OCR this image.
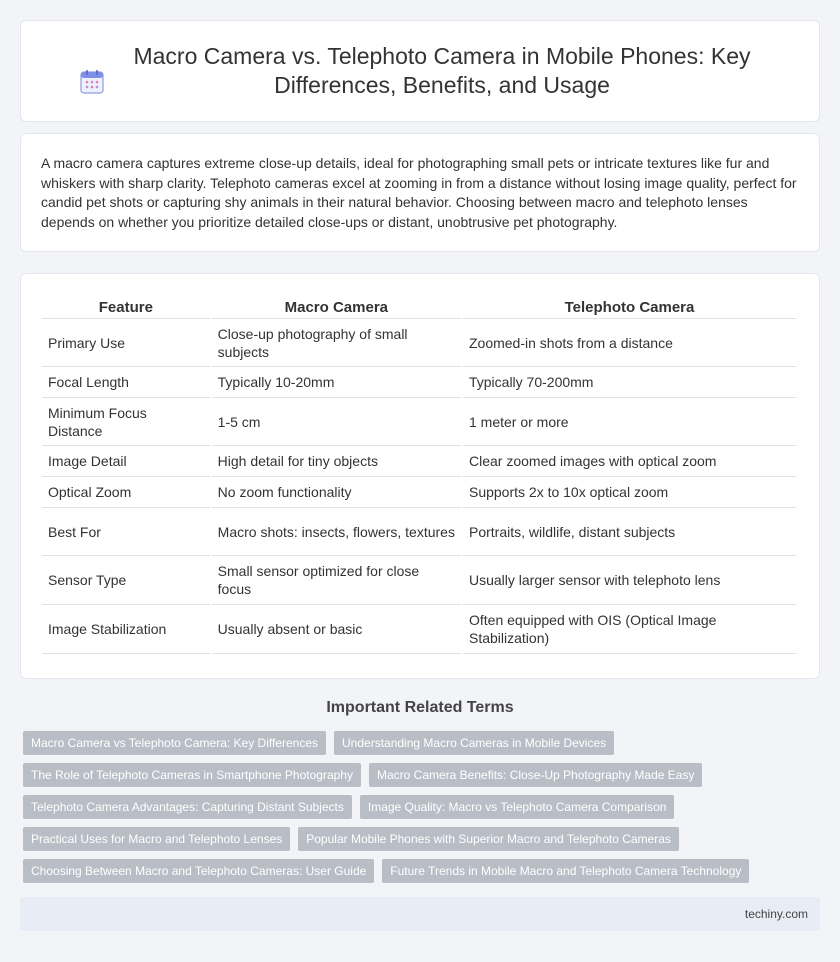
Macro Camera vs. Telephoto Camera in Mobile Phones: Key Differences, Benefits, and Usage

A macro camera captures extreme close-up details, ideal for photographing small pets or intricate textures like fur and whiskers with sharp clarity. Telephoto cameras excel at zooming in from a distance without losing image quality, perfect for candid pet shots or capturing shy animals in their natural behavior. Choosing between macro and telephoto lenses depends on whether you prioritize detailed close-ups or distant, unobtrusive pet photography.

Feature	Macro Camera	Telephoto Camera
Primary Use	Close-up photography of small subjects	Zoomed-in shots from a distance
Focal Length	Typically 10-20mm	Typically 70-200mm
Minimum Focus Distance	1-5 cm	1 meter or more
Image Detail	High detail for tiny objects	Clear zoomed images with optical zoom
Optical Zoom	No zoom functionality	Supports 2x to 10x optical zoom
Best For	Macro shots: insects, flowers, textures	Portraits, wildlife, distant subjects
Sensor Type	Small sensor optimized for close focus	Usually larger sensor with telephoto lens
Image Stabilization	Usually absent or basic	Often equipped with OIS (Optical Image Stabilization)
Important Related Terms
Macro Camera vs Telephoto Camera: Key Differences	Understanding Macro Cameras in Mobile Devices
The Role of Telephoto Cameras in Smartphone Photography	Macro Camera Benefits: Close-Up Photography Made Easy
Telephoto Camera Advantages: Capturing Distant Subjects	Image Quality: Macro vs Telephoto Camera Comparison
Practical Uses for Macro and Telephoto Lenses	Popular Mobile Phones with Superior Macro and Telephoto Cameras
Choosing Between Macro and Telephoto Cameras: User Guide	Future Trends in Mobile Macro and Telephoto Camera Technology
techiny.com
